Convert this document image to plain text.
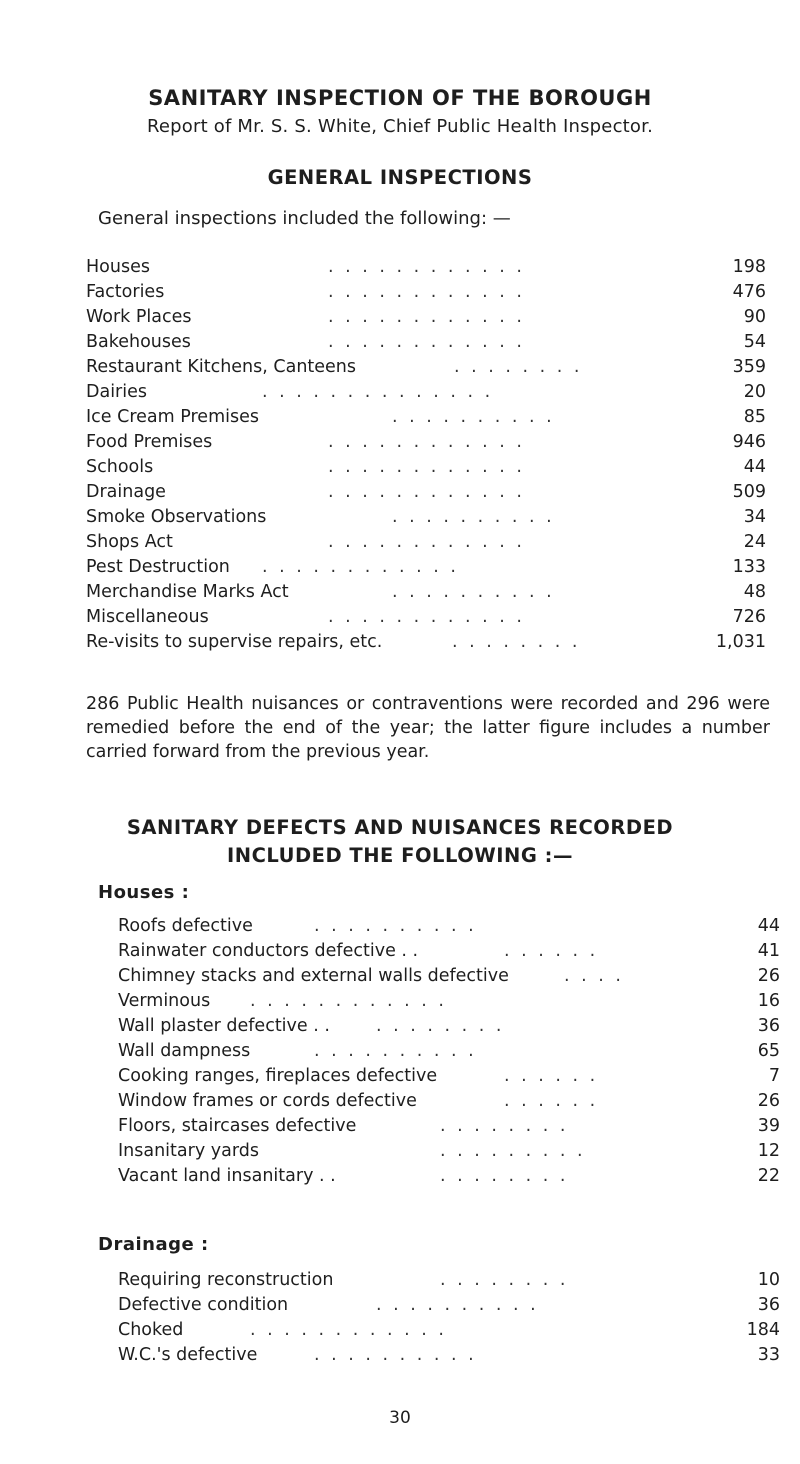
SANITARY INSPECTION OF THE BOROUGH
Report of Mr. S. S. White, Chief Public Health Inspector.
GENERAL INSPECTIONS
General inspections included the following: —
Houses	. . . . . . . . . . . .	198
Factories	. . . . . . . . . . . .	476
Work Places	. . . . . . . . . . . .	90
Bakehouses	. . . . . . . . . . . .	54
Restaurant Kitchens, Canteens	. . . . . . . .	359
Dairies	. . . . . . . . . . . . . .	20
Ice Cream Premises	. . . . . . . . . .	85
Food Premises	. . . . . . . . . . . .	946
Schools	. . . . . . . . . . . .	44
Drainage	. . . . . . . . . . . .	509
Smoke Observations	. . . . . . . . . .	34
Shops Act	. . . . . . . . . . . .	24
Pest Destruction . . . . . . . . . . . .	133
Merchandise Marks Act	. . . . . . . . . .	48
Miscellaneous	. . . . . . . . . . . .	726
Re-visits to supervise repairs, etc.	. . . . . . . .	1,031
286 Public Health nuisances or contraventions were recorded and 296 were remedied before the end of the year; the latter figure includes a number carried forward from the previous year.
SANITARY DEFECTS AND NUISANCES RECORDED
INCLUDED THE FOLLOWING :—
Houses :
Roofs defective	. . . . . . . . . .	44
Rainwater conductors defective . .	. . . . . .	41
Chimney stacks and external walls defective	. . . .	26
Verminous . . . . . . . . . . . .	16
Wall plaster defective . .	. . . . . . . .	36
Wall dampness	. . . . . . . . . .	65
Cooking ranges, fireplaces defective	. . . . . .	7
Window frames or cords defective	. . . . . .	26
Floors, staircases defective	. . . . . . . .	39
Insanitary yards	. . . . . . . . .	12
Vacant land insanitary . .	. . . . . . . .	22
Drainage :
Requiring reconstruction	. . . . . . . .	10
Defective condition	. . . . . . . . . .	36
Choked	. . . . . . . . . . . .	184
W.C.'s defective	. . . . . . . . . .	33
30
